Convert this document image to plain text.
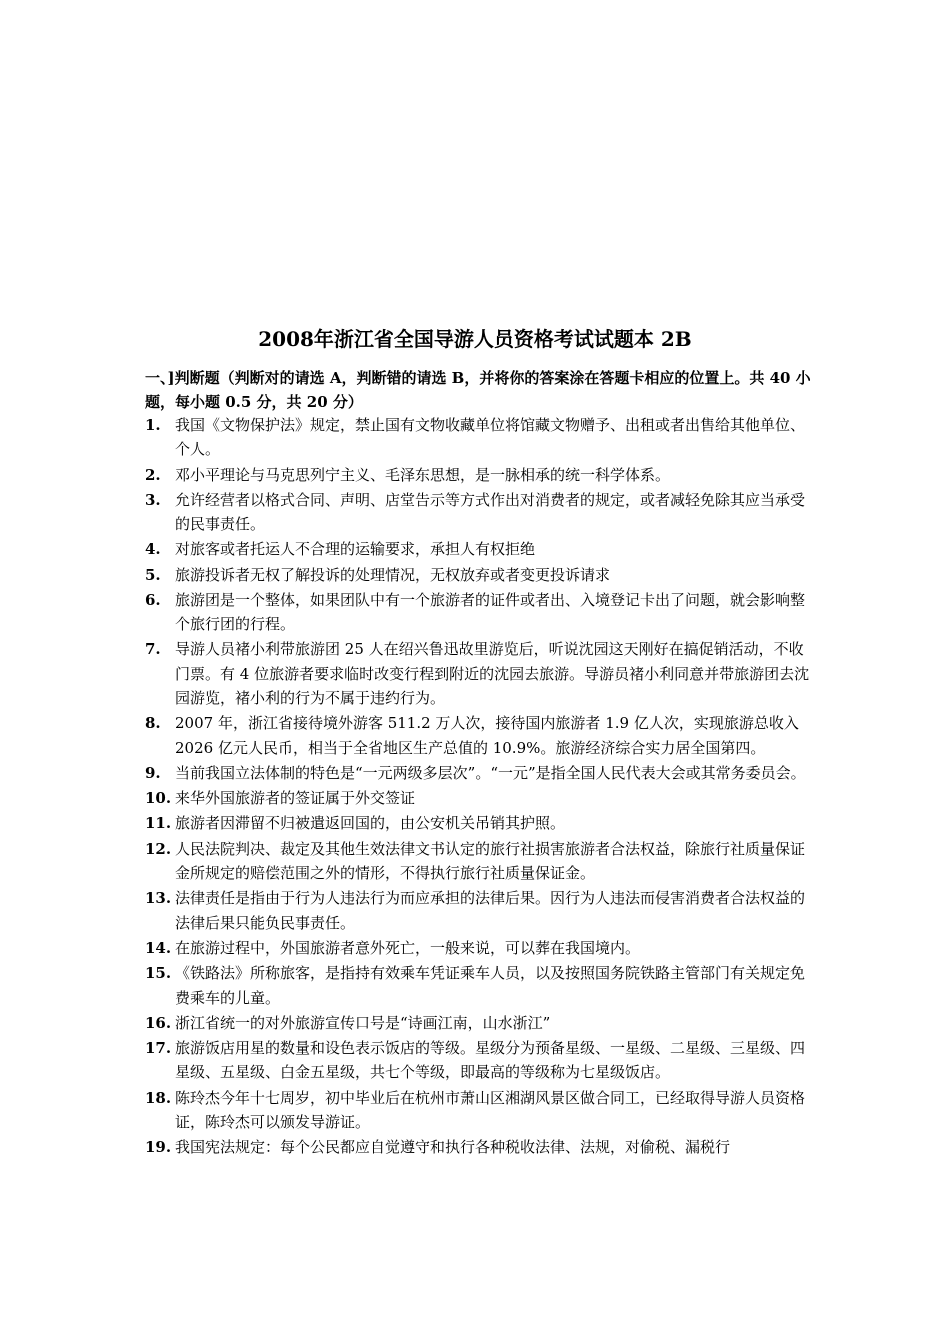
2008年浙江省全国导游人员资格考试试题本 2B

一、]判断题（判断对的请选 A，判断错的请选 B，并将你的答案涂在答题卡相应的位置上。共 40 小题，每小题 0.5 分，共 20 分）

1. 我国《文物保护法》规定，禁止国有文物收藏单位将馆藏文物赠予、出租或者出售给其他单位、个人。
2. 邓小平理论与马克思列宁主义、毛泽东思想，是一脉相承的统一科学体系。
3. 允许经营者以格式合同、声明、店堂告示等方式作出对消费者的规定，或者减轻免除其应当承受的民事责任。
4. 对旅客或者托运人不合理的运输要求，承担人有权拒绝
5. 旅游投诉者无权了解投诉的处理情况，无权放弃或者变更投诉请求
6. 旅游团是一个整体，如果团队中有一个旅游者的证件或者出、入境登记卡出了问题，就会影响整个旅行团的行程。
7. 导游人员褚小利带旅游团 25 人在绍兴鲁迅故里游览后，听说沈园这天刚好在搞促销活动，不收门票。有 4 位旅游者要求临时改变行程到附近的沈园去旅游。导游员褚小利同意并带旅游团去沈园游览，褚小利的行为不属于违约行为。
8. 2007 年，浙江省接待境外游客 511.2 万人次，接待国内旅游者 1.9 亿人次，实现旅游总收入 2026 亿元人民币，相当于全省地区生产总值的 10.9%。旅游经济综合实力居全国第四。
9. 当前我国立法体制的特色是“一元两级多层次”。“一元”是指全国人民代表大会或其常务委员会。
10. 来华外国旅游者的签证属于外交签证
11. 旅游者因滞留不归被遣返回国的，由公安机关吊销其护照。
12. 人民法院判决、裁定及其他生效法律文书认定的旅行社损害旅游者合法权益，除旅行社质量保证金所规定的赔偿范围之外的情形，不得执行旅行社质量保证金。
13. 法律责任是指由于行为人违法行为而应承担的法律后果。因行为人违法而侵害消费者合法权益的法律后果只能负民事责任。
14. 在旅游过程中，外国旅游者意外死亡，一般来说，可以葬在我国境内。
15. 《铁路法》所称旅客，是指持有效乘车凭证乘车人员，以及按照国务院铁路主管部门有关规定免费乘车的儿童。
16. 浙江省统一的对外旅游宣传口号是“诗画江南，山水浙江”
17. 旅游饭店用星的数量和设色表示饭店的等级。星级分为预备星级、一星级、二星级、三星级、四星级、五星级、白金五星级，共七个等级，即最高的等级称为七星级饭店。
18. 陈玲杰今年十七周岁，初中毕业后在杭州市萧山区湘湖风景区做合同工，已经取得导游人员资格证，陈玲杰可以颁发导游证。
19. 我国宪法规定：每个公民都应自觉遵守和执行各种税收法律、法规，对偷税、漏税行
